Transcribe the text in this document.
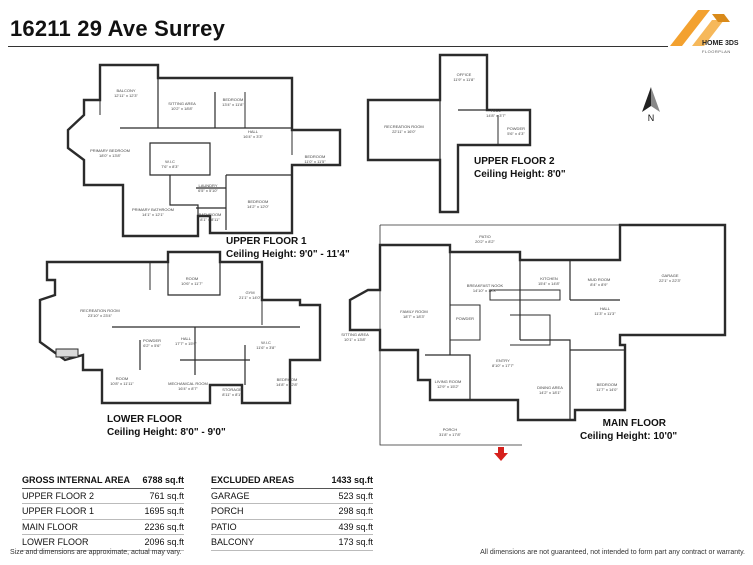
16211 29 Ave Surrey
HOME 3DS
FLOORPLAN
BALCONY 12'11" x 12'3"
SITTING AREA 10'2" x 18'8"
BEDROOM 13'4" x 11'8"
PRIMARY BEDROOM 18'0" x 13'8"
HALL 16'4" x 3'3"
BEDROOM 11'0" x 11'5"
W.I.C 7'6" x 8'3"
LAUNDRY 6'5" x 5'10"
BEDROOM 14'2" x 12'0"
PRIMARY BATHROOM 14'1" x 12'1"	BATHROOM 8'1" x 8'11"
OFFICE 11'9" x 11'8"
RECREATION ROOM 22'11" x 16'0"
HALL 14'8" x 3'7"
POWDER 5'6" x 4'3"
RECREATION ROOM 23'10" x 23'4"
ROOM 10'6" x 11'7"
GYM 21'1" x 14'0"
HALL 17'7" x 15'9"	W.I.C 11'6" x 3'8"
POWDER 6'2" x 5'6"
ROOM 10'8" x 11'11"	MECHANICAL ROOM 16'4" x 8'7"	STORAGE 8'11" x 8'1"
BEDROOM 14'8" x 12'8"
PATIO 20'2" x 8'2"
FAMILY ROOM 18'7" x 18'3"
BREAKFAST NOOK 14'10" x 18'8"
KITCHEN 15'4" x 14'8"
MUD ROOM 8'4" x 8'9"
GARAGE 22'1" x 22'3"
SITTING AREA 10'1" x 13'8"
HALL 11'3" x 11'3"
POWDER
ENTRY 8'10" x 17'7"
LIVING ROOM 12'9" x 15'2"	DINING AREA 14'2" x 18'1"
BEDROOM 11'7" x 14'0"
PORCH 31'8" x 17'8"
N
UPPER FLOOR 1
Ceiling Height: 9'0" - 11'4"
UPPER FLOOR 2
Ceiling Height: 8'0"
LOWER FLOOR
Ceiling Height: 8'0" - 9'0"
MAIN FLOOR
Ceiling Height: 10'0"
GROSS INTERNAL AREA	6788 sq.ft
UPPER FLOOR 2	761 sq.ft
UPPER FLOOR 1	1695 sq.ft
MAIN FLOOR	2236 sq.ft
LOWER FLOOR	2096 sq.ft
EXCLUDED AREAS	1433 sq.ft
GARAGE	523 sq.ft
PORCH	298 sq.ft
PATIO	439 sq.ft
BALCONY	173 sq.ft
Size and dimensions are approximate, actual may vary.	All dimensions are not guaranteed, not intended to form part any contract or warranty.
